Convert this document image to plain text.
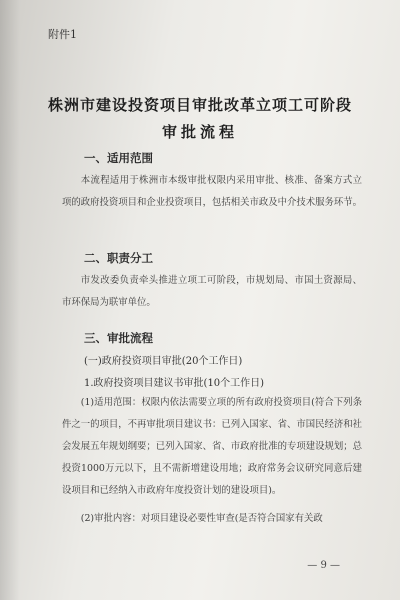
附件1
株洲市建设投资项目审批改革立项工可阶段
审批流程
一、适用范围
本流程适用于株洲市本级审批权限内采用审批、核准、备案方式立项的政府投资项目和企业投资项目，包括相关市政及中介技术服务环节。
二、职责分工
市发改委负责牵头推进立项工可阶段，市规划局、市国土资源局、市环保局为联审单位。
三、审批流程
(一)政府投资项目审批(20个工作日)
1.政府投资项目建议书审批(10个工作日)
(1)适用范围：权限内依法需要立项的所有政府投资项目(符合下列条件之一的项目，不再审批项目建议书：已列入国家、省、市国民经济和社会发展五年规划纲要；已列入国家、省、市政府批准的专项建设规划；总投资1000万元以下，且不需新增建设用地；政府常务会议研究同意后建设项目和已经纳入市政府年度投资计划的建设项目)。
(2)审批内容：对项目建设必要性审查(是否符合国家有关政
— 9 —
